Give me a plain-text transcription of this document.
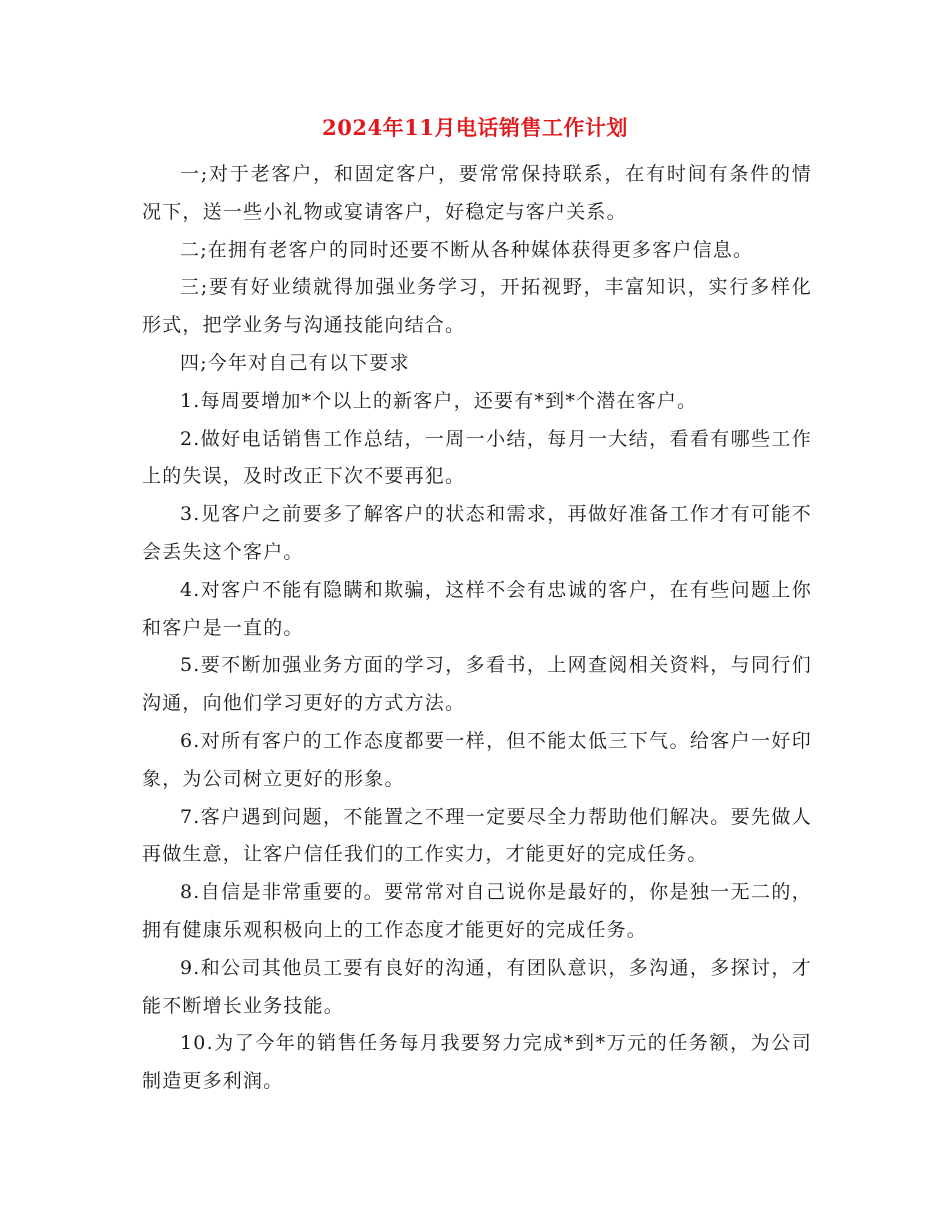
2024年11月电话销售工作计划

一;对于老客户，和固定客户，要常常保持联系，在有时间有条件的情况下，送一些小礼物或宴请客户，好稳定与客户关系。

二;在拥有老客户的同时还要不断从各种媒体获得更多客户信息。

三;要有好业绩就得加强业务学习，开拓视野，丰富知识，实行多样化形式，把学业务与沟通技能向结合。

四;今年对自己有以下要求

1.每周要增加*个以上的新客户，还要有*到*个潜在客户。

2.做好电话销售工作总结，一周一小结，每月一大结，看看有哪些工作上的失误，及时改正下次不要再犯。

3.见客户之前要多了解客户的状态和需求，再做好准备工作才有可能不会丢失这个客户。

4.对客户不能有隐瞒和欺骗，这样不会有忠诚的客户，在有些问题上你和客户是一直的。

5.要不断加强业务方面的学习，多看书，上网查阅相关资料，与同行们沟通，向他们学习更好的方式方法。

6.对所有客户的工作态度都要一样，但不能太低三下气。给客户一好印象，为公司树立更好的形象。

7.客户遇到问题，不能置之不理一定要尽全力帮助他们解决。要先做人再做生意，让客户信任我们的工作实力，才能更好的完成任务。

8.自信是非常重要的。要常常对自己说你是最好的，你是独一无二的，拥有健康乐观积极向上的工作态度才能更好的完成任务。

9.和公司其他员工要有良好的沟通，有团队意识，多沟通，多探讨，才能不断增长业务技能。

10.为了今年的销售任务每月我要努力完成*到*万元的任务额，为公司制造更多利润。
